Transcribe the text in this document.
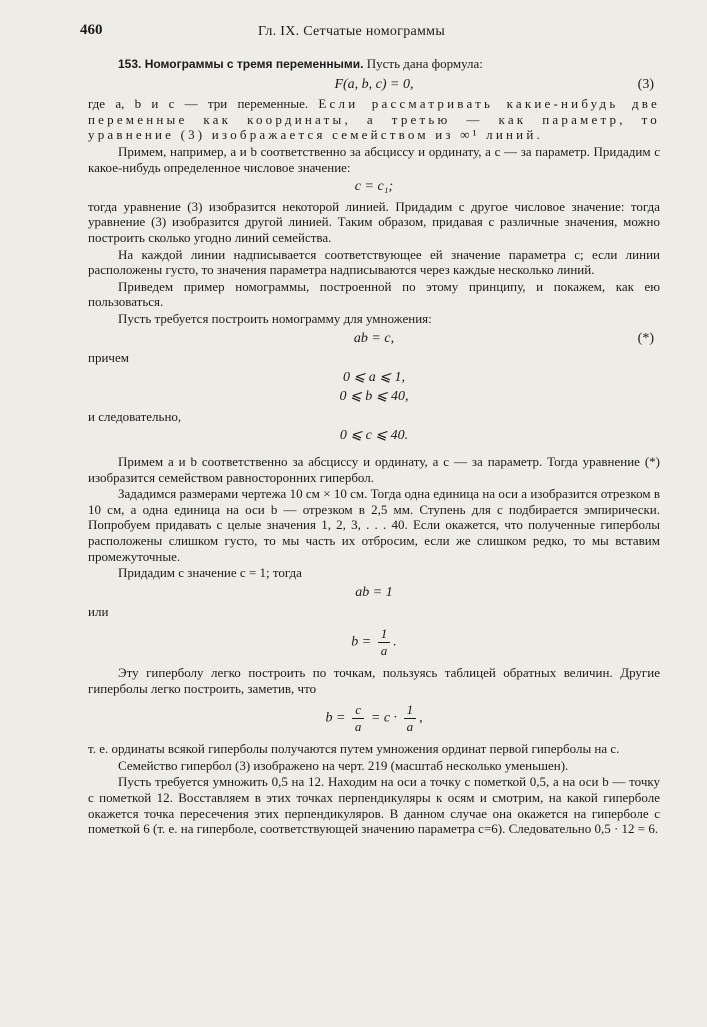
460	Гл. IX. Сетчатые номограммы

153. Номограммы с тремя переменными. Пусть дана формула:

F(a, b, c) = 0,	(3)

где a, b и c — три переменные. Если рассматривать какие-нибудь две переменные как координаты, а третью — как параметр, то уравнение (3) изображается семейством из ∞¹ линий.

Примем, например, a и b соответственно за абсциссу и ординату, а c — за параметр. Придадим c какое-нибудь определенное числовое значение:

c = c₁;

тогда уравнение (3) изобразится некоторой линией. Придадим c другое числовое значение: тогда уравнение (3) изобразится другой линией. Таким образом, придавая c различные значения, можно построить сколько угодно линий семейства.

На каждой линии надписывается соответствующее ей значение параметра c; если линии расположены густо, то значения параметра надписываются через каждые несколько линий.

Приведем пример номограммы, построенной по этому принципу, и покажем, как ею пользоваться.

Пусть требуется построить номограмму для умножения:

ab = c,	(*)

причем

0 ⩽ a ⩽ 1,
0 ⩽ b ⩽ 40,

и следовательно,

0 ⩽ c ⩽ 40.

Примем a и b соответственно за абсциссу и ординату, а c — за параметр. Тогда уравнение (*) изобразится семейством равносторонних гипербол.

Зададимся размерами чертежа 10 см × 10 см. Тогда одна единица на оси a изобразится отрезком в 10 см, а одна единица на оси b — отрезком в 2,5 мм. Ступень для c подбирается эмпирически. Попробуем придавать c целые значения 1, 2, 3, . . . 40. Если окажется, что полученные гиперболы расположены слишком густо, то мы часть их отбросим, если же слишком редко, то мы вставим промежуточные.

Придадим c значение c = 1; тогда

ab = 1

или

$b = \frac{1}{a}$ .

Эту гиперболу легко построить по точкам, пользуясь таблицей обратных величин. Другие гиперболы легко построить, заметив, что

$b = \frac{c}{a} = c \cdot \frac{1}{a}$ ,

т. е. ординаты всякой гиперболы получаются путем умножения ординат первой гиперболы на c.

Семейство гипербол (3) изображено на черт. 219 (масштаб несколько уменьшен).

Пусть требуется умножить 0,5 на 12. Находим на оси a точку с пометкой 0,5, а на оси b — точку с пометкой 12. Восставляем в этих точках перпендикуляры к осям и смотрим, на какой гиперболе окажется точка пересечения этих перпендикуляров. В данном случае она окажется на гиперболе с пометкой 6 (т. е. на гиперболе, соответствующей значению параметра c=6). Следовательно 0,5 · 12 = 6.
